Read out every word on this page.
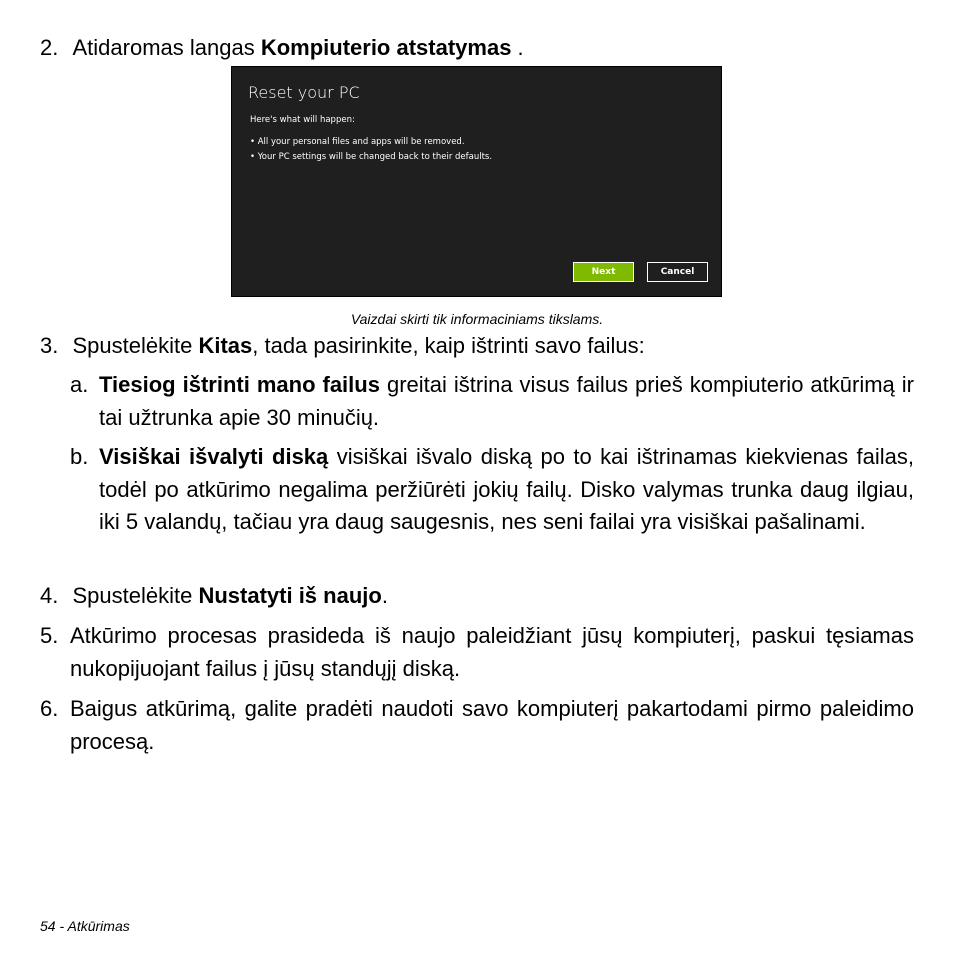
2. Atidaromas langas Kompiuterio atstatymas .
Reset your PC
Here's what will happen:
• All your personal files and apps will be removed.
• Your PC settings will be changed back to their defaults.
Next	Cancel
Vaizdai skirti tik informaciniams tikslams.
3. Spustelėkite Kitas, tada pasirinkite, kaip ištrinti savo failus:
a. Tiesiog ištrinti mano failus greitai ištrina visus failus prieš kompiuterio atkūrimą ir tai užtrunka apie 30 minučių.
b. Visiškai išvalyti diską visiškai išvalo diską po to kai ištrinamas kiekvienas failas, todėl po atkūrimo negalima peržiūrėti jokių failų. Disko valymas trunka daug ilgiau, iki 5 valandų, tačiau yra daug saugesnis, nes seni failai yra visiškai pašalinami.
4. Spustelėkite Nustatyti iš naujo.
5. Atkūrimo procesas prasideda iš naujo paleidžiant jūsų kompiuterį, paskui tęsiamas nukopijuojant failus į jūsų standųjį diską.
6. Baigus atkūrimą, galite pradėti naudoti savo kompiuterį pakartodami pirmo paleidimo procesą.
54 - Atkūrimas
